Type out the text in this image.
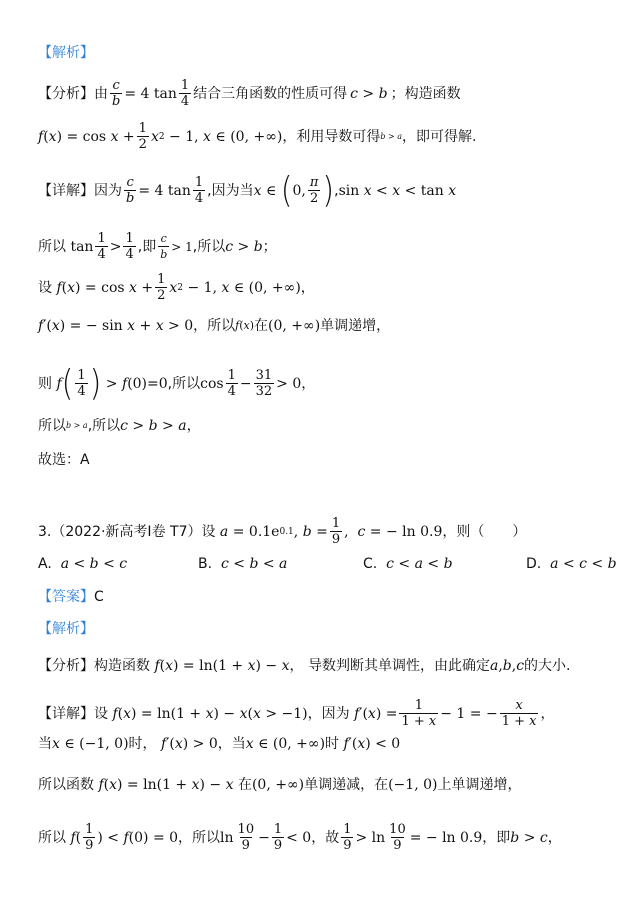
【解析】
【分析】 由 $\frac{c}{b} = 4$ $\tan \frac{1}{4}$ 结合三角函数的性质可得 c > b ；构造函数
f ( x ) = cos
$x + \frac{1}{2}$ x 2 − 1, x ∈ (0, +∞) ，利用导数可得 b > a ，即可得解.
【详解】 因为 $\frac{c}{b} = 4$ $\tan \frac{1}{4}$ ,因为当 x ∈ ( 0, $\frac{\pi}{2}$ ) , sin
x < x < tan
x
所以 $\tan \frac{1}{4} > \frac{1}{4}$ ,即 $\frac{c}{b} > 1$ ,所以 c > b ；
设
f ( x ) = cos
$x + \frac{1}{2}$ x 2 − 1, x ∈ (0, +∞) ，
f ′( x ) = − sin
x + x > 0 ，所以 f ( x ) 在 (0, +∞) 单调递增，
则 f ( $\frac{1}{4}$ ) > f (0)=0 ,所以 $\cos \frac{1}{4} - \frac{31}{32} > 0$ ，
所以 b > a ,所以 c > b > a ，
故选：A
3.（2022·新高考Ⅰ卷 T7）设 a = 0.1e 0.1 , $b = \frac{1}{9}$ , c = − ln 0.9 ，则（　　）
A. a < b < c	B. c < b < a	C. c < a < b	D. a < c < b
【答案】 C
【解析】
【分析】 构造函数 f ( x ) = ln(1 + x ) − x ， 导数判断其单调性，由此确定 a , b , c 的大小.
【详解】 设 f ( x ) = ln(1 + x ) − x ( x > −1) ，因为 f ′( x ) = $\frac{1}{1 + x} - 1$ = − $\frac{x}{1 + x}$ ，
当 x ∈ (−1, 0) 时， f ′( x ) > 0 ，当 x ∈ (0, +∞) 时 f ′( x ) < 0
所以函数 f ( x ) = ln(1 + x ) − x
在 (0, +∞) 单调递减，在 (−1, 0) 上单调递增，
所以 f ( $\frac{1}{9}$ ) < f (0) = 0 ，所以 $\ln \frac{10}{9} - \frac{1}{9} < 0$ ，故 $\frac{1}{9} > \ln \frac{10}{9}$ = − ln 0.9 ，即 b > c ，
